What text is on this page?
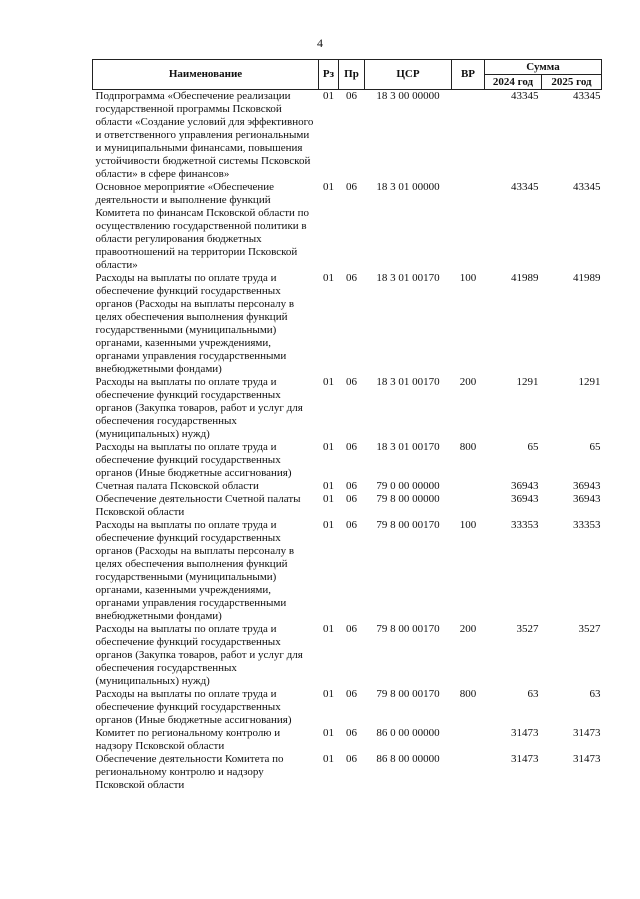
4
Наименование	Рз	Пр	ЦСР	ВР	Сумма	
					2024 год	2025 год
Подпрограмма «Обеспечение реализации государственной программы Псковской области «Создание условий для эффективного и ответственного управления региональными и муниципальными финансами, повышения устойчивости бюджетной системы Псковской области» в сфере финансов»	01	06	18 3 00 00000		43345	43345
Основное мероприятие «Обеспечение деятельности и выполнение функций Комитета по финансам Псковской области по осуществлению государственной политики в области регулирования бюджетных правоотношений на территории Псковской области»	01	06	18 3 01 00000		43345	43345
Расходы на выплаты по оплате труда и обеспечение функций государственных органов (Расходы на выплаты персоналу в целях обеспечения выполнения функций государственными (муниципальными) органами, казенными учреждениями, органами управления государственными внебюджетными фондами)	01	06	18 3 01 00170	100	41989	41989
Расходы на выплаты по оплате труда и обеспечение функций государственных органов (Закупка товаров, работ и услуг для обеспечения государственных (муниципальных) нужд)	01	06	18 3 01 00170	200	1291	1291
Расходы на выплаты по оплате труда и обеспечение функций государственных органов (Иные бюджетные ассигнования)	01	06	18 3 01 00170	800	65	65
Счетная палата Псковской области	01	06	79 0 00 00000		36943	36943
Обеспечение деятельности Счетной палаты Псковской области	01	06	79 8 00 00000		36943	36943
Расходы на выплаты по оплате труда и обеспечение функций государственных органов (Расходы на выплаты персоналу в целях обеспечения выполнения функций государственными (муниципальными) органами, казенными учреждениями, органами управления государственными внебюджетными фондами)	01	06	79 8 00 00170	100	33353	33353
Расходы на выплаты по оплате труда и обеспечение функций государственных органов (Закупка товаров, работ и услуг для обеспечения государственных (муниципальных) нужд)	01	06	79 8 00 00170	200	3527	3527
Расходы на выплаты по оплате труда и обеспечение функций государственных органов (Иные бюджетные ассигнования)	01	06	79 8 00 00170	800	63	63
Комитет по региональному контролю и надзору Псковской области	01	06	86 0 00 00000		31473	31473
Обеспечение деятельности Комитета по региональному контролю и надзору Псковской области	01	06	86 8 00 00000		31473	31473
